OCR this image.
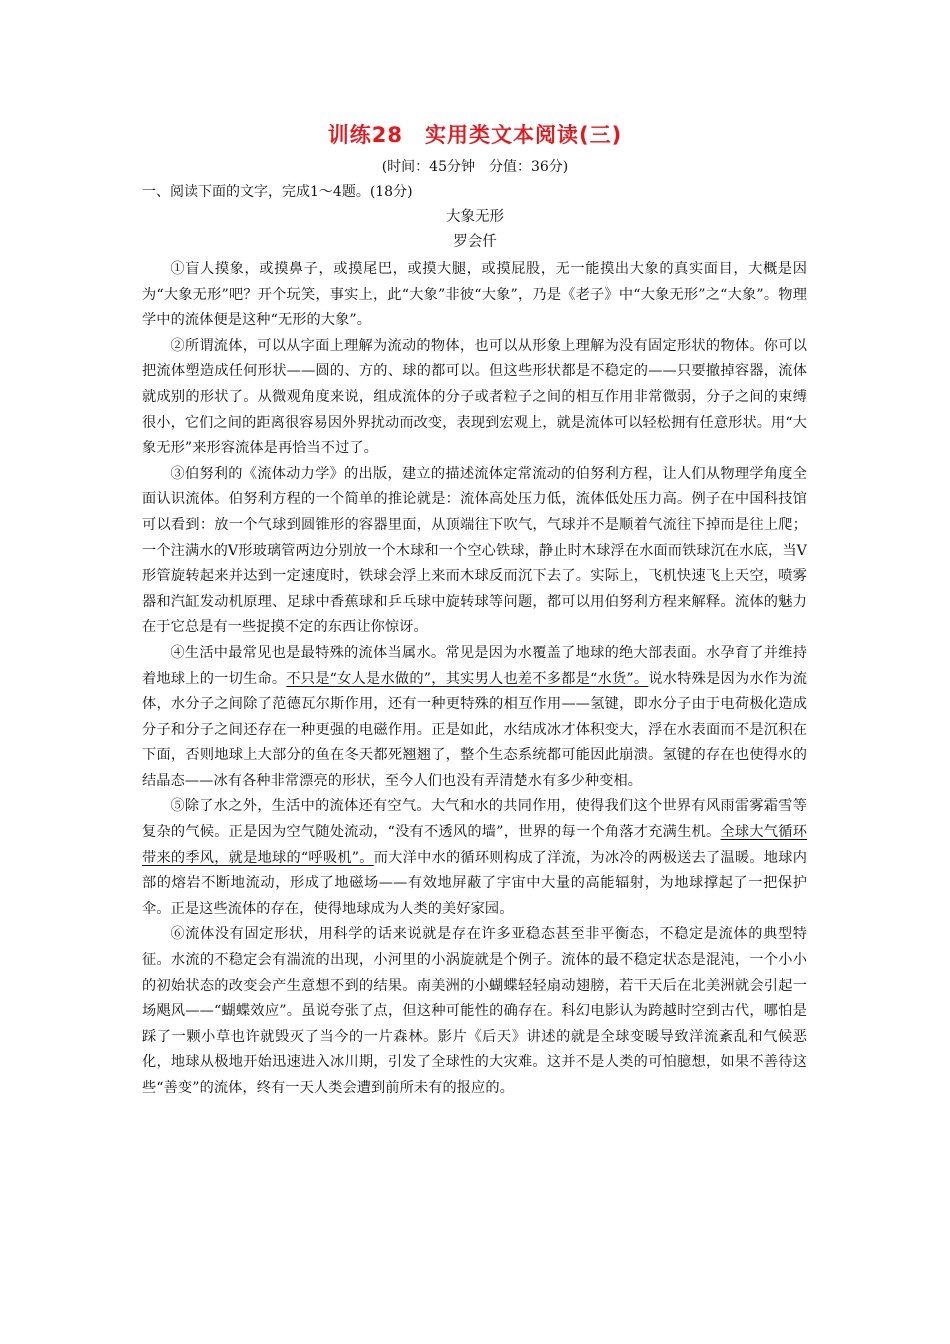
训练28　实用类文本阅读(三)
(时间：45分钟　分值：36分)
一、阅读下面的文字，完成1～4题。(18分)
大象无形
罗会仟

①盲人摸象，或摸鼻子，或摸尾巴，或摸大腿，或摸屁股，无一能摸出大象的真实面目，大概是因为“大象无形”吧？开个玩笑，事实上，此“大象”非彼“大象”，乃是《老子》中“大象无形”之“大象”。物理学中的流体便是这种“无形的大象”。

②所谓流体，可以从字面上理解为流动的物体，也可以从形象上理解为没有固定形状的物体。你可以把流体塑造成任何形状——圆的、方的、球的都可以。但这些形状都是不稳定的——只要撤掉容器，流体就成别的形状了。从微观角度来说，组成流体的分子或者粒子之间的相互作用非常微弱，分子之间的束缚很小，它们之间的距离很容易因外界扰动而改变，表现到宏观上，就是流体可以轻松拥有任意形状。用“大象无形”来形容流体是再恰当不过了。

③伯努利的《流体动力学》的出版，建立的描述流体定常流动的伯努利方程，让人们从物理学角度全面认识流体。伯努利方程的一个简单的推论就是：流体高处压力低，流体低处压力高。例子在中国科技馆可以看到：放一个气球到圆锥形的容器里面，从顶端往下吹气，气球并不是顺着气流往下掉而是往上爬；一个注满水的V形玻璃管两边分别放一个木球和一个空心铁球，静止时木球浮在水面而铁球沉在水底，当V形管旋转起来并达到一定速度时，铁球会浮上来而木球反而沉下去了。实际上，飞机快速飞上天空，喷雾器和汽缸发动机原理、足球中香蕉球和乒乓球中旋转球等问题，都可以用伯努利方程来解释。流体的魅力在于它总是有一些捉摸不定的东西让你惊讶。

④生活中最常见也是最特殊的流体当属水。常见是因为水覆盖了地球的绝大部表面。水孕育了并维持着地球上的一切生命。不只是“女人是水做的”，其实男人也差不多都是“水货”。说水特殊是因为水作为流体，水分子之间除了范德瓦尔斯作用，还有一种更特殊的相互作用——氢键，即水分子由于电荷极化造成分子和分子之间还存在一种更强的电磁作用。正是如此，水结成冰才体积变大，浮在水表面而不是沉积在下面，否则地球上大部分的鱼在冬天都死翘翘了，整个生态系统都可能因此崩溃。氢键的存在也使得水的结晶态——冰有各种非常漂亮的形状，至今人们也没有弄清楚水有多少种变相。

⑤除了水之外，生活中的流体还有空气。大气和水的共同作用，使得我们这个世界有风雨雷雾霜雪等复杂的气候。正是因为空气随处流动，“没有不透风的墙”，世界的每一个角落才充满生机。全球大气循环带来的季风，就是地球的“呼吸机”。而大洋中水的循环则构成了洋流，为冰冷的两极送去了温暖。地球内部的熔岩不断地流动，形成了地磁场——有效地屏蔽了宇宙中大量的高能辐射，为地球撑起了一把保护伞。正是这些流体的存在，使得地球成为人类的美好家园。

⑥流体没有固定形状，用科学的话来说就是存在许多亚稳态甚至非平衡态，不稳定是流体的典型特征。水流的不稳定会有湍流的出现，小河里的小涡旋就是个例子。流体的最不稳定状态是混沌，一个小小的初始状态的改变会产生意想不到的结果。南美洲的小蝴蝶轻轻扇动翅膀，若干天后在北美洲就会引起一场飓风——“蝴蝶效应”。虽说夸张了点，但这种可能性的确存在。科幻电影认为跨越时空到古代，哪怕是踩了一颗小草也许就毁灭了当今的一片森林。影片《后天》讲述的就是全球变暖导致洋流紊乱和气候恶化，地球从极地开始迅速进入冰川期，引发了全球性的大灾难。这并不是人类的可怕臆想，如果不善待这些“善变”的流体，终有一天人类会遭到前所未有的报应的。
